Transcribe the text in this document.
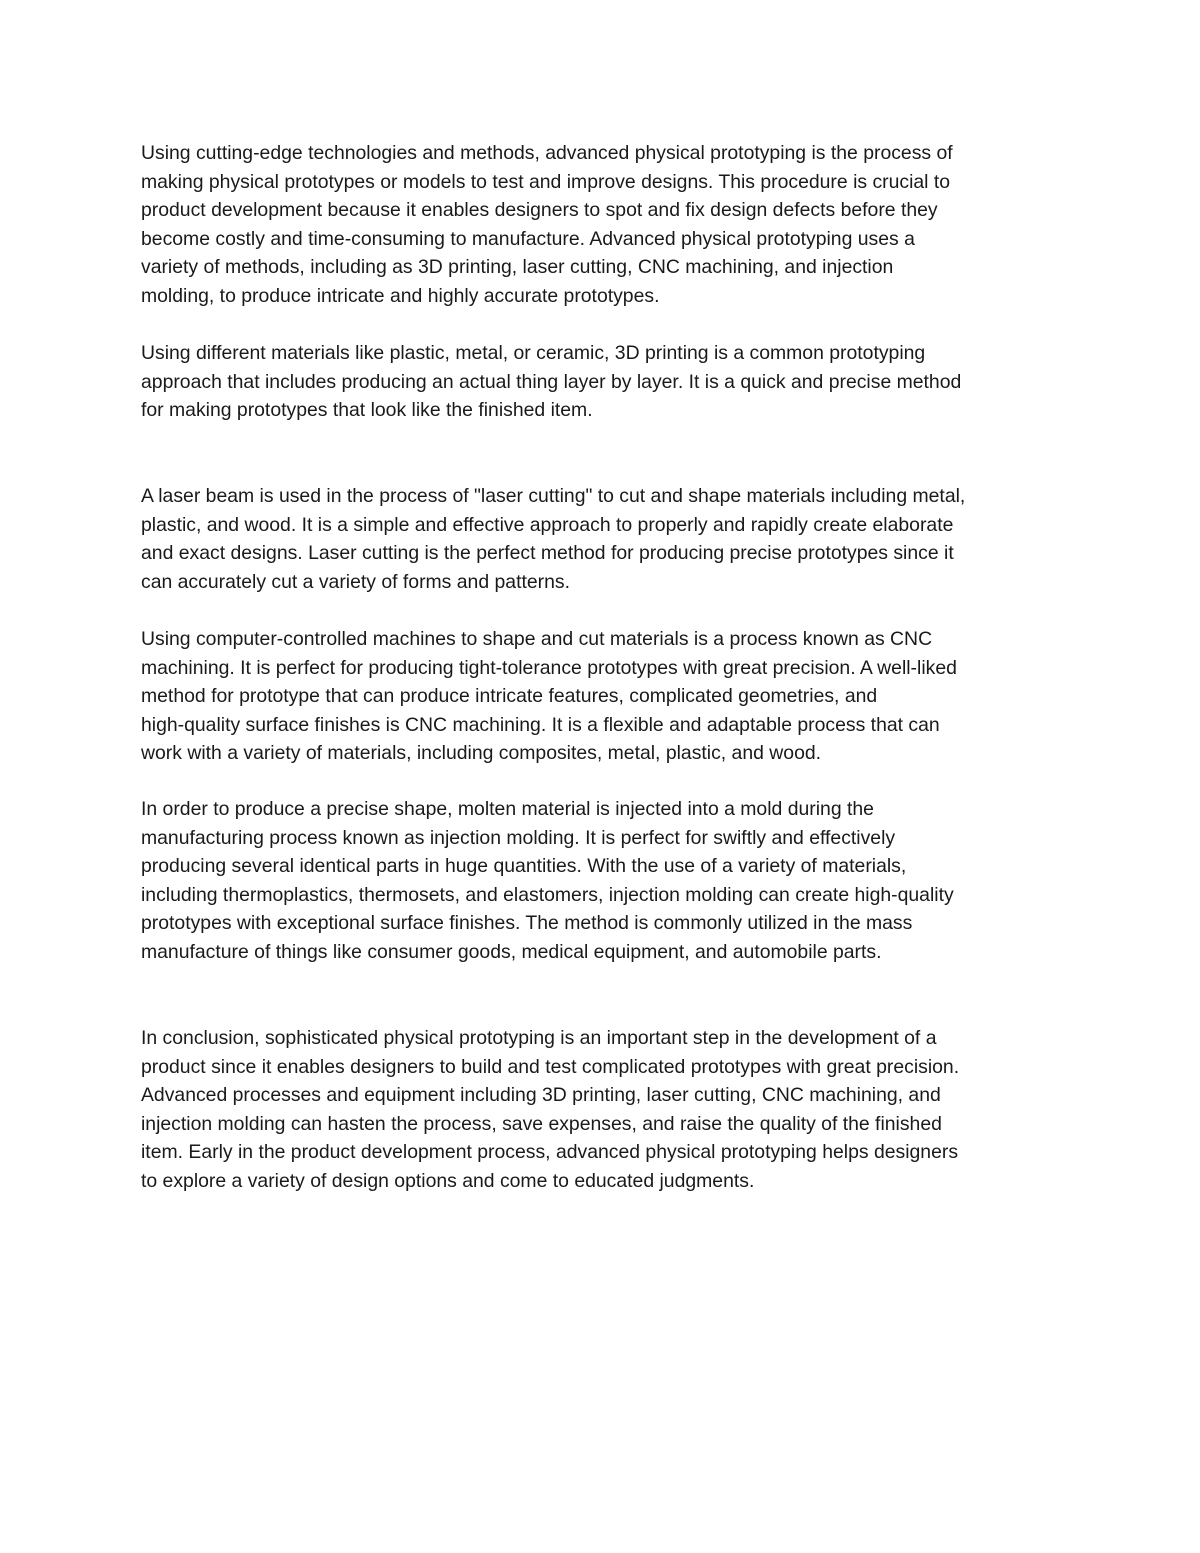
Using cutting-edge technologies and methods, advanced physical prototyping is the process of
making physical prototypes or models to test and improve designs. This procedure is crucial to
product development because it enables designers to spot and fix design defects before they
become costly and time-consuming to manufacture. Advanced physical prototyping uses a
variety of methods, including as 3D printing, laser cutting, CNC machining, and injection
molding, to produce intricate and highly accurate prototypes.

Using different materials like plastic, metal, or ceramic, 3D printing is a common prototyping
approach that includes producing an actual thing layer by layer. It is a quick and precise method
for making prototypes that look like the finished item.

A laser beam is used in the process of "laser cutting" to cut and shape materials including metal,
plastic, and wood. It is a simple and effective approach to properly and rapidly create elaborate
and exact designs. Laser cutting is the perfect method for producing precise prototypes since it
can accurately cut a variety of forms and patterns.

Using computer-controlled machines to shape and cut materials is a process known as CNC
machining. It is perfect for producing tight-tolerance prototypes with great precision. A well-liked
method for prototype that can produce intricate features, complicated geometries, and
high-quality surface finishes is CNC machining. It is a flexible and adaptable process that can
work with a variety of materials, including composites, metal, plastic, and wood.

In order to produce a precise shape, molten material is injected into a mold during the
manufacturing process known as injection molding. It is perfect for swiftly and effectively
producing several identical parts in huge quantities. With the use of a variety of materials,
including thermoplastics, thermosets, and elastomers, injection molding can create high-quality
prototypes with exceptional surface finishes. The method is commonly utilized in the mass
manufacture of things like consumer goods, medical equipment, and automobile parts.

In conclusion, sophisticated physical prototyping is an important step in the development of a
product since it enables designers to build and test complicated prototypes with great precision.
Advanced processes and equipment including 3D printing, laser cutting, CNC machining, and
injection molding can hasten the process, save expenses, and raise the quality of the finished
item. Early in the product development process, advanced physical prototyping helps designers
to explore a variety of design options and come to educated judgments.
